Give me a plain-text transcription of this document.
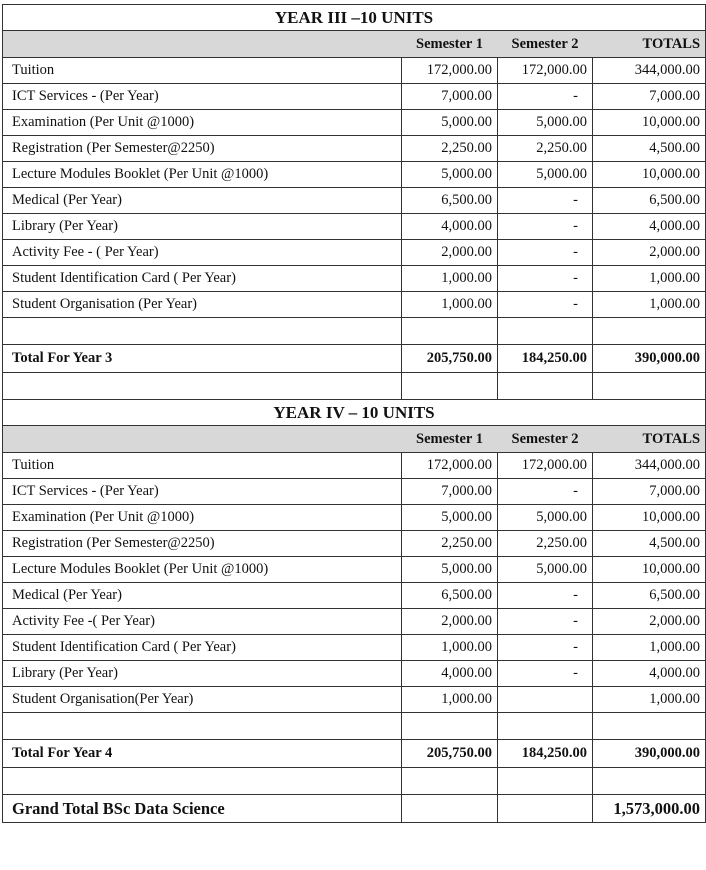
YEAR III –10 UNITS			
	Semester 1	Semester 2	TOTALS
Tuition	172,000.00	172,000.00	344,000.00
ICT Services - (Per Year)	7,000.00	-	7,000.00
Examination (Per Unit @1000)	5,000.00	5,000.00	10,000.00
Registration (Per Semester@2250)	2,250.00	2,250.00	4,500.00
Lecture Modules Booklet (Per Unit @1000)	5,000.00	5,000.00	10,000.00
Medical (Per Year)	6,500.00	-	6,500.00
Library (Per Year)	4,000.00	-	4,000.00
Activity Fee - ( Per Year)	2,000.00	-	2,000.00
Student Identification Card ( Per Year)	1,000.00	-	1,000.00
Student Organisation (Per Year)	1,000.00	-	1,000.00

Total For Year 3	205,750.00	184,250.00	390,000.00

YEAR IV – 10 UNITS			
	Semester 1	Semester 2	TOTALS
Tuition	172,000.00	172,000.00	344,000.00
ICT Services - (Per Year)	7,000.00	-	7,000.00
Examination (Per Unit @1000)	5,000.00	5,000.00	10,000.00
Registration (Per Semester@2250)	2,250.00	2,250.00	4,500.00
Lecture Modules Booklet (Per Unit @1000)	5,000.00	5,000.00	10,000.00
Medical (Per Year)	6,500.00	-	6,500.00
Activity Fee -( Per Year)	2,000.00	-	2,000.00
Student Identification Card ( Per Year)	1,000.00	-	1,000.00
Library (Per Year)	4,000.00	-	4,000.00
Student Organisation(Per Year)	1,000.00		1,000.00

Total For Year 4	205,750.00	184,250.00	390,000.00

Grand Total BSc Data Science			1,573,000.00
